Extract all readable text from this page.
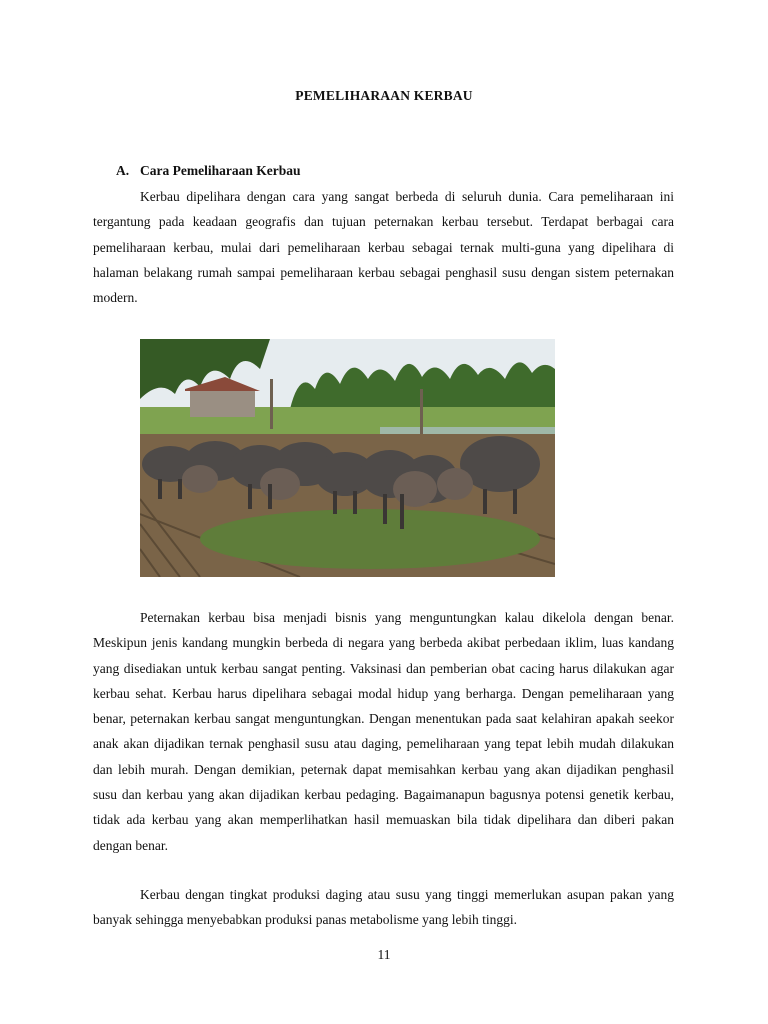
PEMELIHARAAN KERBAU
A. Cara Pemeliharaan Kerbau

Kerbau dipelihara dengan cara yang sangat berbeda di seluruh dunia. Cara pemeliharaan ini tergantung pada keadaan geografis dan tujuan peternakan kerbau tersebut. Terdapat berbagai cara pemeliharaan kerbau, mulai dari pemeliharaan kerbau sebagai ternak multi-guna yang dipelihara di halaman belakang rumah sampai pemeliharaan kerbau sebagai penghasil susu dengan sistem peternakan modern.

Peternakan kerbau bisa menjadi bisnis yang menguntungkan kalau dikelola dengan benar. Meskipun jenis kandang mungkin berbeda di negara yang berbeda akibat perbedaan iklim, luas kandang yang disediakan untuk kerbau sangat penting. Vaksinasi dan pemberian obat cacing harus dilakukan agar kerbau sehat. Kerbau harus dipelihara sebagai modal hidup yang berharga. Dengan pemeliharaan yang benar, peternakan kerbau sangat menguntungkan. Dengan menentukan pada saat kelahiran apakah seekor anak akan dijadikan ternak penghasil susu atau daging, pemeliharaan yang tepat lebih mudah dilakukan dan lebih murah. Dengan demikian, peternak dapat memisahkan kerbau yang akan dijadikan penghasil susu dan kerbau yang akan dijadikan kerbau pedaging. Bagaimanapun bagusnya potensi genetik kerbau, tidak ada kerbau yang akan memperlihatkan hasil memuaskan bila tidak dipelihara dan diberi pakan dengan benar.

Kerbau dengan tingkat produksi daging atau susu yang tinggi memerlukan asupan pakan yang banyak sehingga menyebabkan produksi panas metabolisme yang lebih tinggi.

11
